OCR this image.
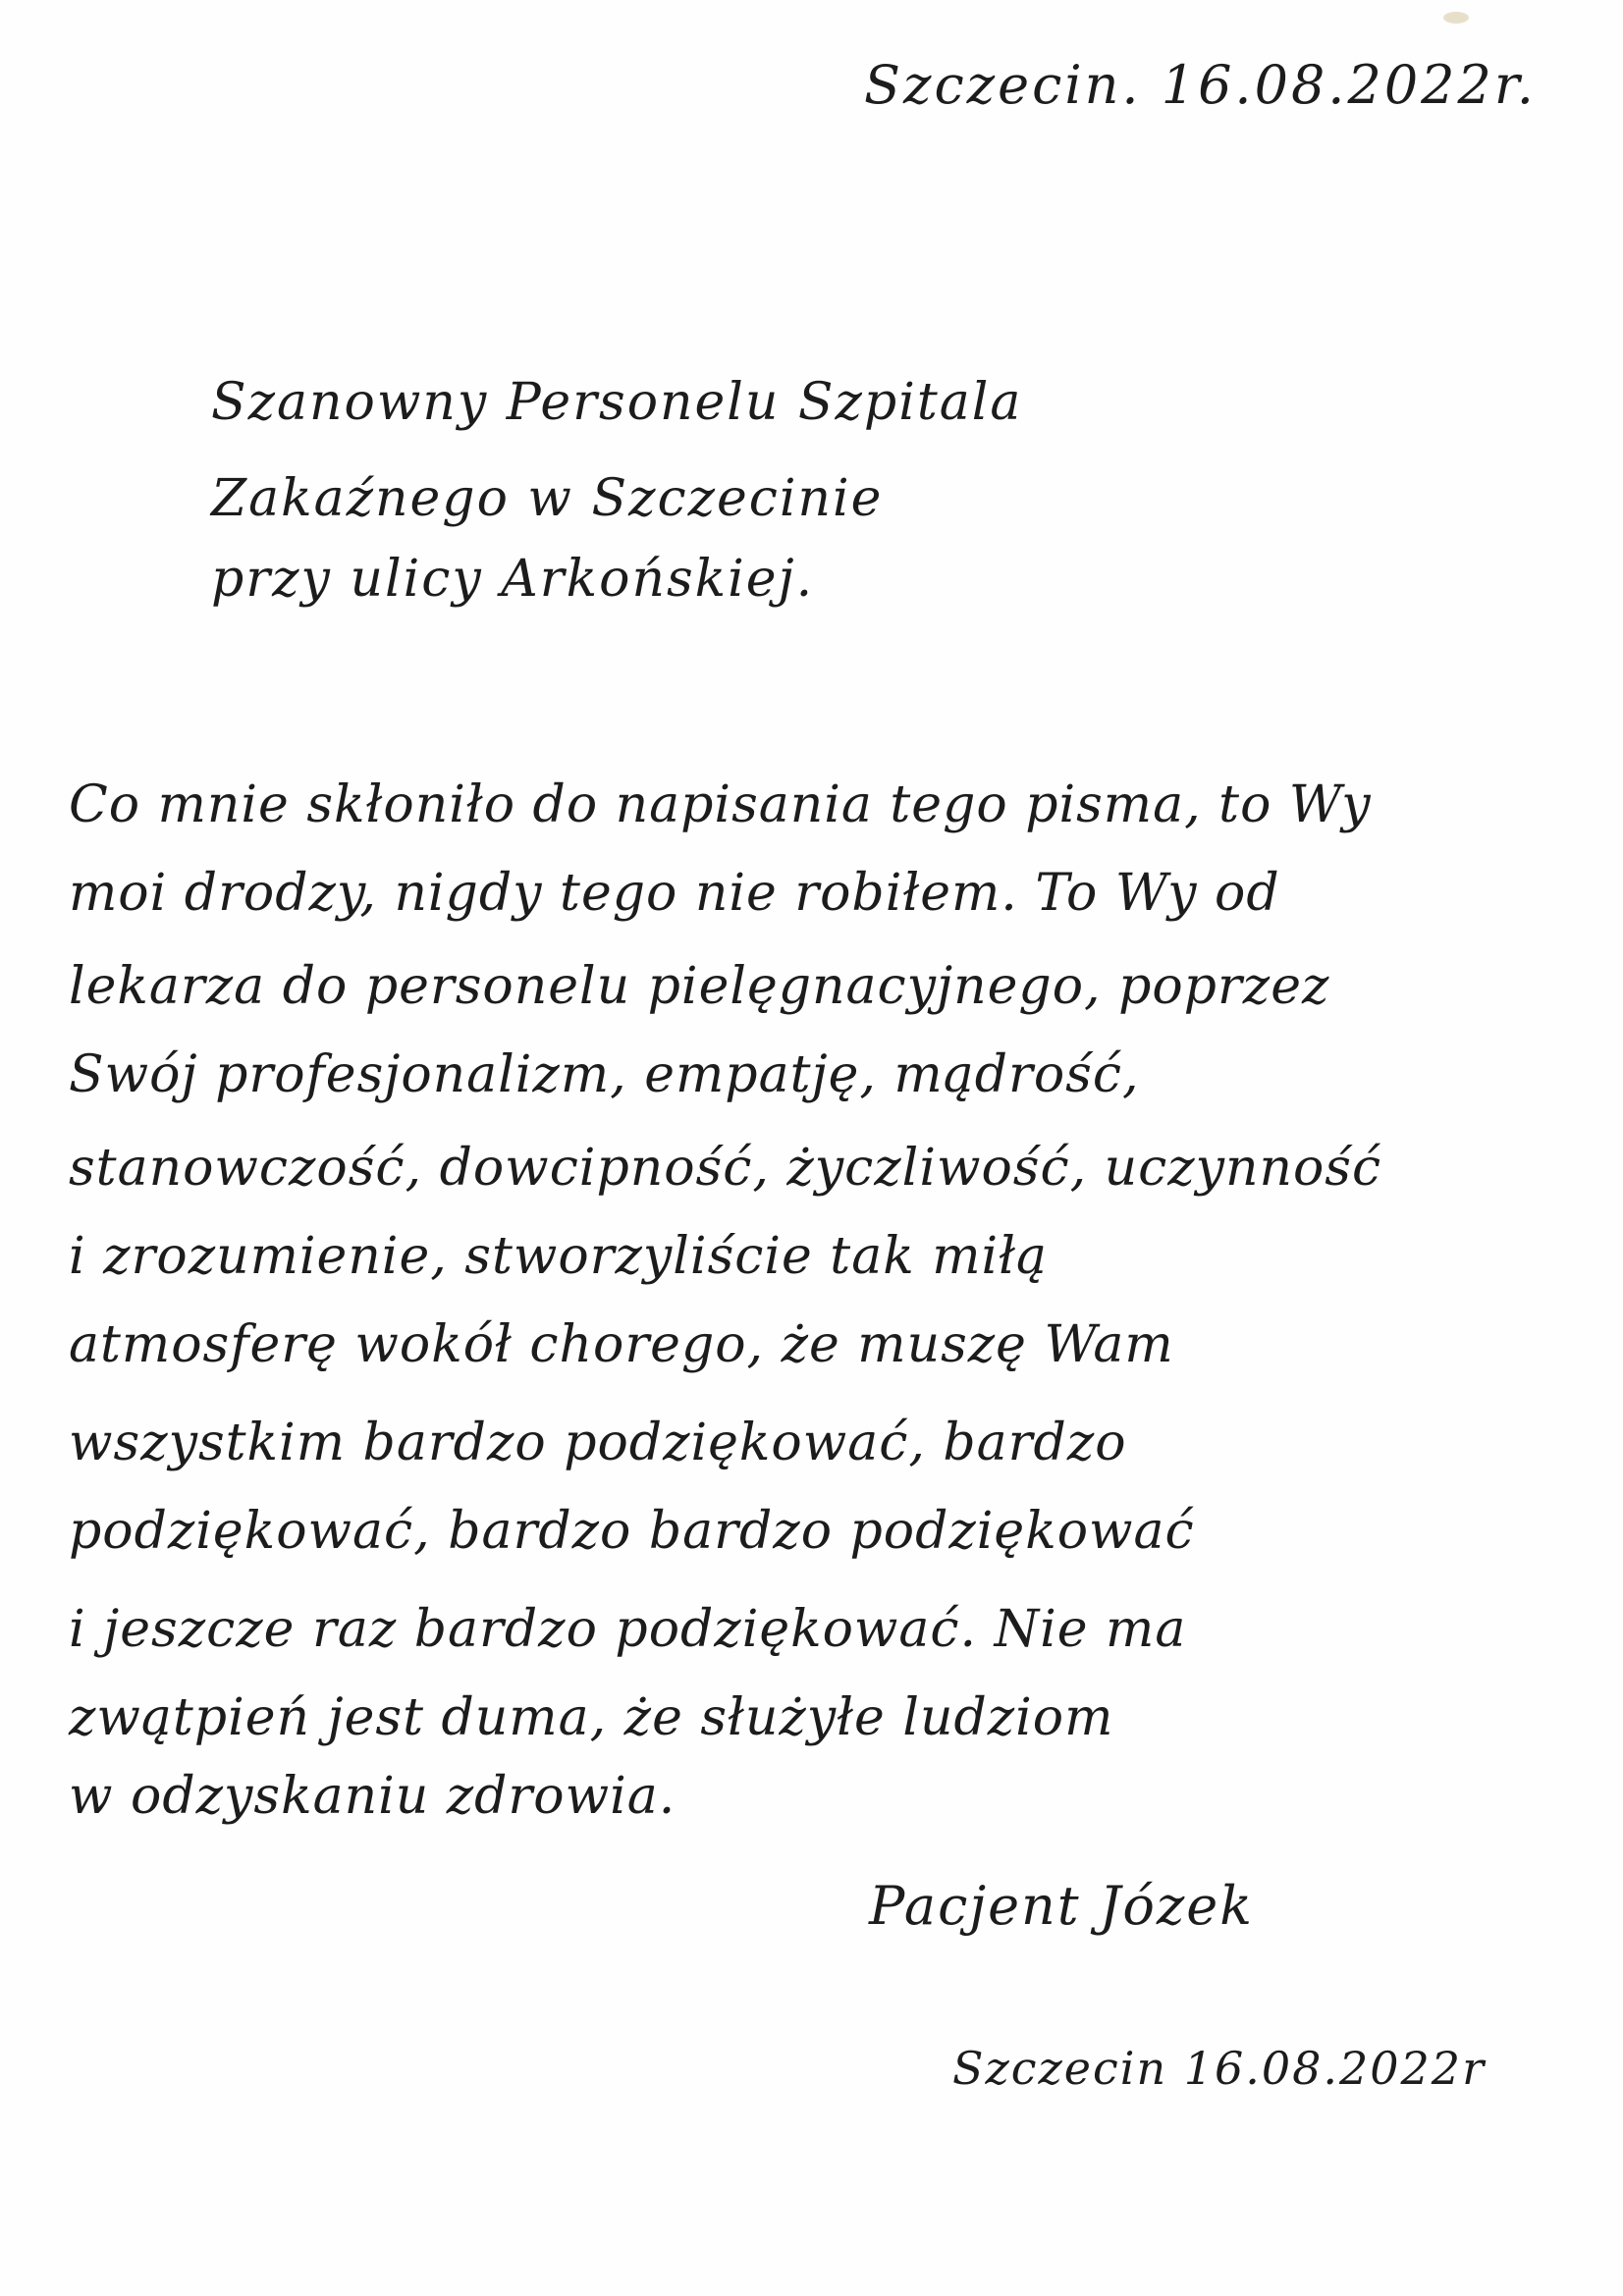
Szczecin. 16.08.2022r.
Szanowny Personelu Szpitala
Zakaźnego w Szczecinie
przy ulicy Arkońskiej.
Co mnie skłoniło do napisania tego pisma, to Wy
moi drodzy, nigdy tego nie robiłem. To Wy od
lekarza do personelu pielęgnacyjnego, poprzez
Swój profesjonalizm, empatję, mądrość,
stanowczość, dowcipność, życzliwość, uczynność
i zrozumienie, stworzyliście tak miłą
atmosferę wokół chorego, że muszę Wam
wszystkim bardzo podziękować, bardzo
podziękować, bardzo bardzo podziękować
i jeszcze raz bardzo podziękować. Nie ma
zwątpień jest duma, że służyłe ludziom
w odzyskaniu zdrowia.
Pacjent Józek
Szczecin 16.08.2022r
